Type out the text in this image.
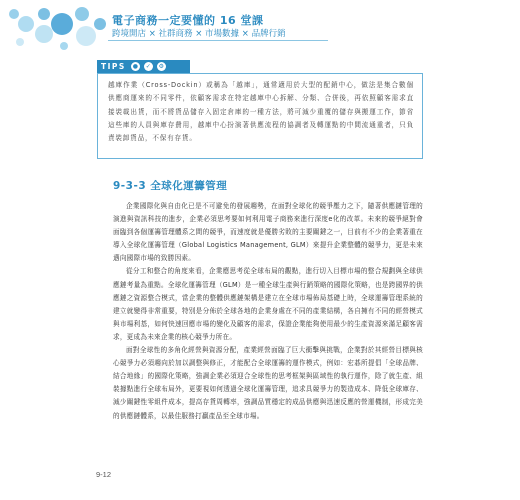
電子商務一定要懂的 16 堂課
跨境開店 × 社群商務 × 市場數據 × 品牌行銷
TIPS	●	✓	⚙

越庫作業（Cross-Dockin）或稱為「越庫」，通常適用於大型的配銷中心，做法是集合數個供應商運來的不同零件，依顧客需求在特定越庫中心拆解、分類、合併後，再依照顧客需求直接裝載出貨，而不將貨品儲存入固定倉庫的一種方法，將可減少重覆的儲存與搬運工作，節省這些庫的人員與庫存費用，越庫中心扮演著供應流程的協調者及轉運點的中間流通重者，只負責裝卸貨品，不保有存貨。

9-3-3 全球化運籌管理

企業國際化與自由化已是不可避免的發展趨勢，在面對全球化的競爭壓力之下，隨著供應鏈管理的演進與資訊科技的進步，企業必須思考要如何利用電子商務來進行深度e化的改革。未來的競爭絕對會面臨到各個運籌管理體系之間的競爭，而速度就是優勝劣敗的主要關鍵之一，目前有不少的企業著重在導入全球化運籌管理（Global Logistics Management, GLM）來提升企業整體的競爭力，更是未來邁向國際市場的致勝因素。

從分工和整合的角度來看，企業應思考從全球布局的觀點，進行切入目標市場的整合規劃與全球供應鏈考量為重點。全球化運籌管理（GLM）是一種全球生產與行銷策略的國際化策略，也是跨國界的供應鏈之資源整合模式，當企業的整體供應鏈架構是建立在全球市場佈局基礎上時，全球運籌管理系統的建立就變得非常重要，特別是分佈於全球各地的企業身處在不同的產業結構，各自擁有不同的經營模式與市場利基，如何快速回應市場的變化及顧客的需求，保證企業能夠使用最少的生產資源來滿足顧客需求，更成為未來企業的核心競爭力所在。

面對全球性的多角化經營與資源分配，產業經營面臨了巨大衝擊與挑戰，企業對於其經營目標與核心競爭力必須趨向於加以調整與修正，才能配合全球運籌的運作模式，例如：宏碁所提倡「全球品牌、結合地緣」的國際化策略，強調企業必須迎合全球性的思考框架與區域性的執行運作，除了就生產、組裝據點進行全球布局外，更要視如何透過全球化運籌管理，追求具競爭力的製造成本、降低全球庫存、減少關鍵性零組件成本，提高存貨周轉率，強調品質穩定的成品供應與迅速反應的營運機制，形成完美的供應鏈體系，以最佳服務打贏產品至全球市場。

9-12
